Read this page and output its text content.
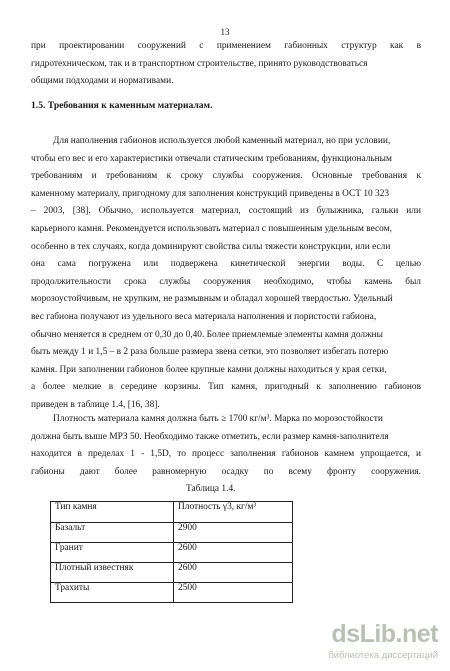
13
при проектировании сооружений с применением габионных структур как в
гидротехническом, так и в транспортном строительстве, принято руководствоваться
общими подходами и нормативами.
1.5. Требования к каменным материалам.
Для наполнения габионов используется любой каменный материал, но при условии,
чтобы его вес и его характеристики отвечали статическим требованиям, функциональным
требованиям и требованиям к сроку службы сооружения. Основные требования к
каменному материалу, пригодному для заполнения конструкций приведены в ОСТ 10 323
– 2003, [38]. Обычно, используется материал, состоящий из булыжника, гальки или
карьерного камня. Рекомендуется использовать материал с повышенным удельным весом,
особенно в тех случаях, когда доминируют свойства силы тяжести конструкции, или если
она сама погружена или подвержена кинетической энергии воды. С целью
продолжительности срока службы сооружения необходимо, чтобы камень был
морозоустойчивым, не хрупким, не размывным и обладал хорошей твердостью. Удельный
вес габиона получают из удельного веса материала наполнения и пористости габиона,
обычно меняется в среднем от 0,30 до 0,40. Более приемлемые элементы камня должны
быть между 1 и 1,5 – в 2 раза больше размера звена сетки, это позволяет избегать потерю
камня. При заполнении габионов более крупные камни должны находиться у края сетки,
а более мелкие в середине корзины. Тип камня, пригодный к заполнению габионов
приведен в таблице 1.4, [16, 38].
Плотность материала камня должна быть ≥ 1700 кг/м³. Марка по морозостойкости
должна быть выше МРЗ 50. Необходимо также отметить, если размер камня-заполнителя
находится в пределах 1 - 1,5D, то процесс заполнения габионов камнем упрощается, и
габионы дают более равномерную осадку по всему фронту сооружения.
Таблица 1.4.
Тип камня	Плотность γ3, кг/м³
Базальт	2900
Гранит	2600
Плотный известняк	2600
Трахиты	2500
dsLib.net
библиотека диссертаций
